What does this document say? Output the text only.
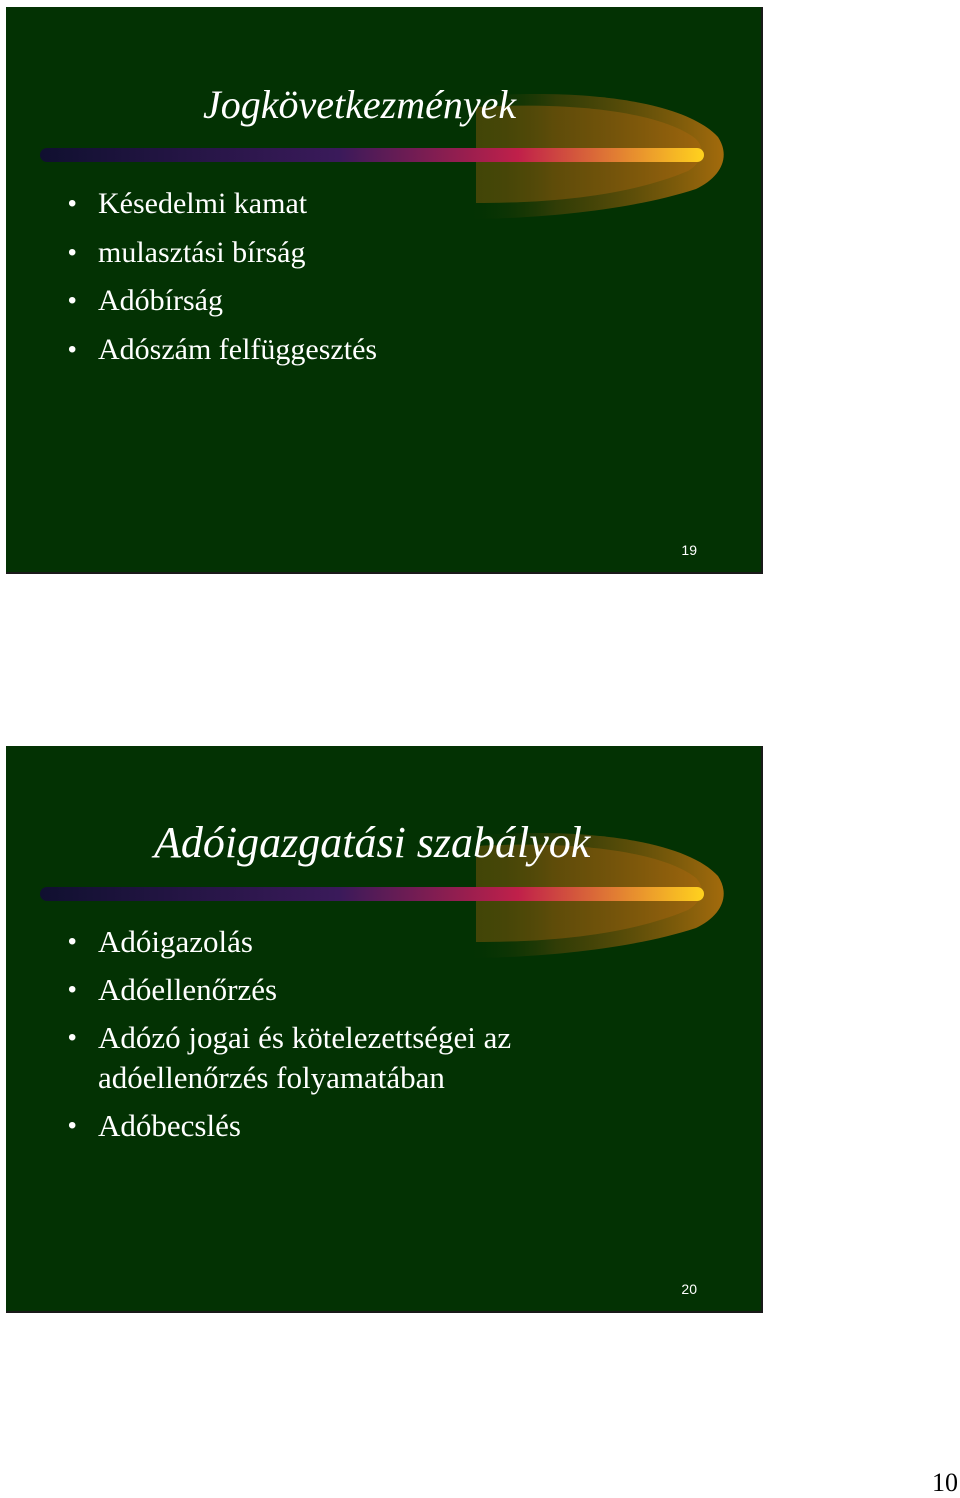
Jogkövetkezmények
• Késedelmi kamat
• mulasztási bírság
• Adóbírság
• Adószám felfüggesztés
19
Adóigazgatási szabályok
• Adóigazolás
• Adóellenőrzés
• Adózó jogai és kötelezettségei az adóellenőrzés folyamatában
• Adóbecslés
20
10
